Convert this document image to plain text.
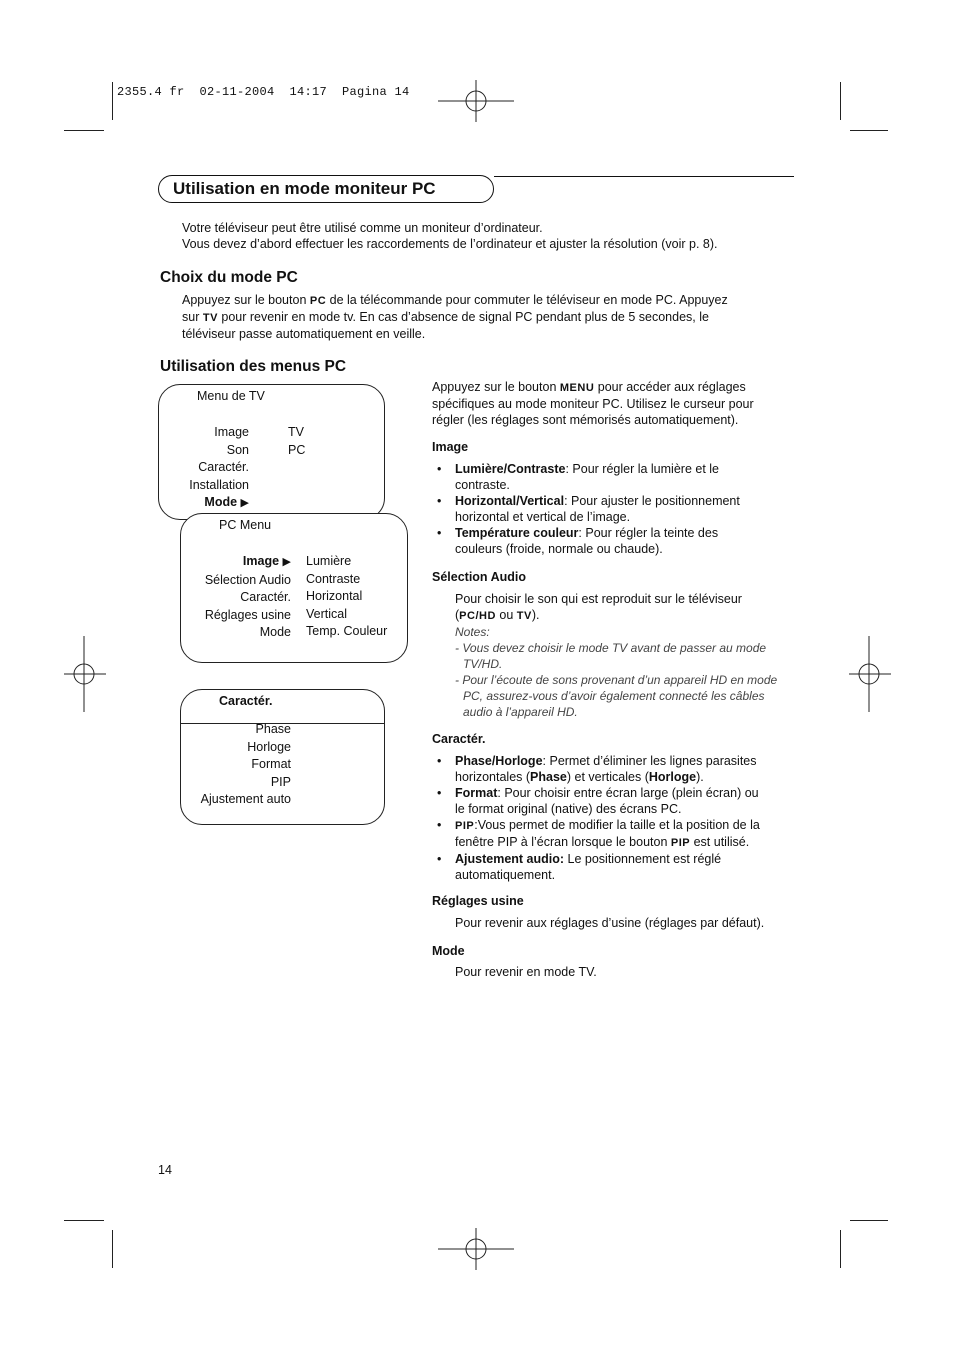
2355.4 fr  02-11-2004  14:17  Pagina 14
Utilisation en mode moniteur PC
Votre téléviseur peut être utilisé comme un moniteur d’ordinateur.
Vous devez d’abord effectuer les raccordements de l’ordinateur et ajuster la résolution (voir p. 8).
Choix du mode PC
Appuyez sur le bouton PC de la télécommande pour commuter le téléviseur en mode PC. Appuyez
sur TV pour revenir en mode tv. En cas d’absence de signal PC pendant plus de 5 secondes, le
téléviseur passe automatiquement en veille.
Utilisation des menus PC
Menu de TV
Image
Son
Caractér.
Installation
Mode ▶
TV
PC
PC Menu
Image ▶
Sélection Audio
Caractér.
Réglages usine
Mode
Lumière
Contraste
Horizontal
Vertical
Temp. Couleur
Caractér.
Phase
Horloge
Format
PIP
Ajustement auto
Appuyez sur le bouton MENU pour accéder aux réglages
spécifiques au mode moniteur PC. Utilisez le curseur pour
régler (les réglages sont mémorisés automatiquement).
Image
• Lumière/Contraste: Pour régler la lumière et le
contraste.
• Horizontal/Vertical: Pour ajuster le positionnement
horizontal et vertical de l’image.
• Température couleur: Pour régler la teinte des
couleurs (froide, normale ou chaude).
Sélection Audio
Pour choisir le son qui est reproduit sur le téléviseur
(PC/HD ou TV).
Notes:
- Vous devez choisir le mode TV avant de passer au mode
TV/HD.
- Pour l’écoute de sons provenant d’un appareil HD en mode
PC, assurez-vous d’avoir également connecté les câbles
audio à l’appareil HD.
Caractér.
• Phase/Horloge: Permet d’éliminer les lignes parasites
horizontales (Phase) et verticales (Horloge).
• Format: Pour choisir entre écran large (plein écran) ou
le format original (native) des écrans PC.
• PIP:Vous permet de modifier la taille et la position de la
fenêtre PIP à l’écran lorsque le bouton PIP est utilisé.
• Ajustement audio: Le positionnement est réglé
automatiquement.
Réglages usine
Pour revenir aux réglages d’usine (réglages par défaut).
Mode
Pour revenir en mode TV.
14
